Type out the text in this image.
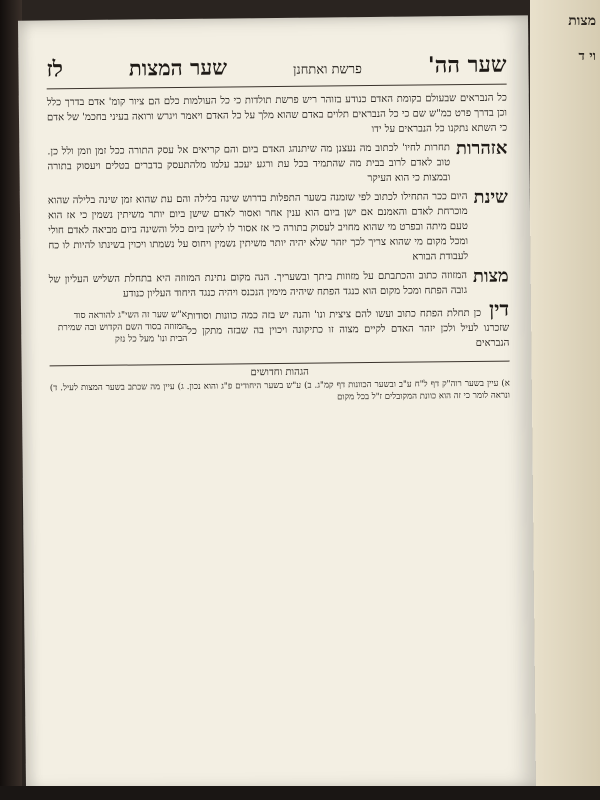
מצות
וי ד
שער הה'
פרשת ואתחנן
שער המצות
לז

כל הנבראים שבעולם בקומת האדם כנודע בזוהר ריש פרשת תולדות כי כל העולמות כלם הם ציור קומ' אדם בדרך כלל וכן בדרך פרט כמ"ש שם כי כל הנבראים תלוים באדם שהוא מלך על כל האדם ויאמר ויגרש ורואה בעיני בחכמ' של אדם כי השתא נתקנו כל הנבראים על ידו

אזהרות
תחרות לחיו' לכתוב מה נעצנן מה שיתנהג האדם ביום והם קריאים אל עסק התורה ככל זמן וזמן ולל כן. טוב לאדם לרוב בבית מה שהתמיד בכל עת ורגע יעכב עלמו מלהתעסק בדברים בטלים ויעסוק בתורה ובמצות כי הוא העיקר
שינת
היום ככר התחילו לכתוב לפי שזמנה בשער התפלות בדרוש שינה בלילה והם עת שהוא זמן שינה בלילה שהוא מוכרחת לאדם והאמנם אם ישן ביום הוא ענין אחר ואסור לאדם שישן ביום יותר משיתין נשמין כי אז הוא טעם מיתה ובפרט מי שהוא מחויב לעסוק בתורה כי אז אסור לו לישן ביום כלל והשינה ביום מביאה לאדם חולי ומכל מקום מי שהוא צריך לכך יזהר שלא יהיה יותר משיתין נשמין ויחוס על נשמתו ויכוין בשינתו להיות לו כח לעבודת הבורא
מצות
המזוזה כתוב והכתבתם על מזוזות ביתך ובשעריך. הנה מקום נתינת המזוזה היא בתחלת השליש העליון של גובה הפתח ומכל מקום הוא כנגד הפתח שיהיה מימין הנכנס ויהיה כנגד היחוד העליון כנודע
א"ש שער זה השי"ג להוראה סוד המזוזה בסוד השם הקדוש ובה שמירת הבית ונו' מעל כל נזק

דין כן תחלת הפתח כתוב ועשו להם ציצית ונו' והנה יש בזה כמה כוונות וסודות שזכרנו לעיל ולכן יזהר האדם לקיים מצוה זו כתיקונה ויכוין בה שבזה מתקן כל הנבראים

הגהות וחדושים
א) עיין בשער רוה"ק דף ל"ח ע"ב ובשער הכוונות דף קמ"ג. ב) ע"ש בשער היחודים פ"ג והוא נכון. ג) עיין מה שכתב בשער המצות לעיל. ד) ונראה לומר כי זה הוא כוונת המקובלים ז"ל בכל מקום
